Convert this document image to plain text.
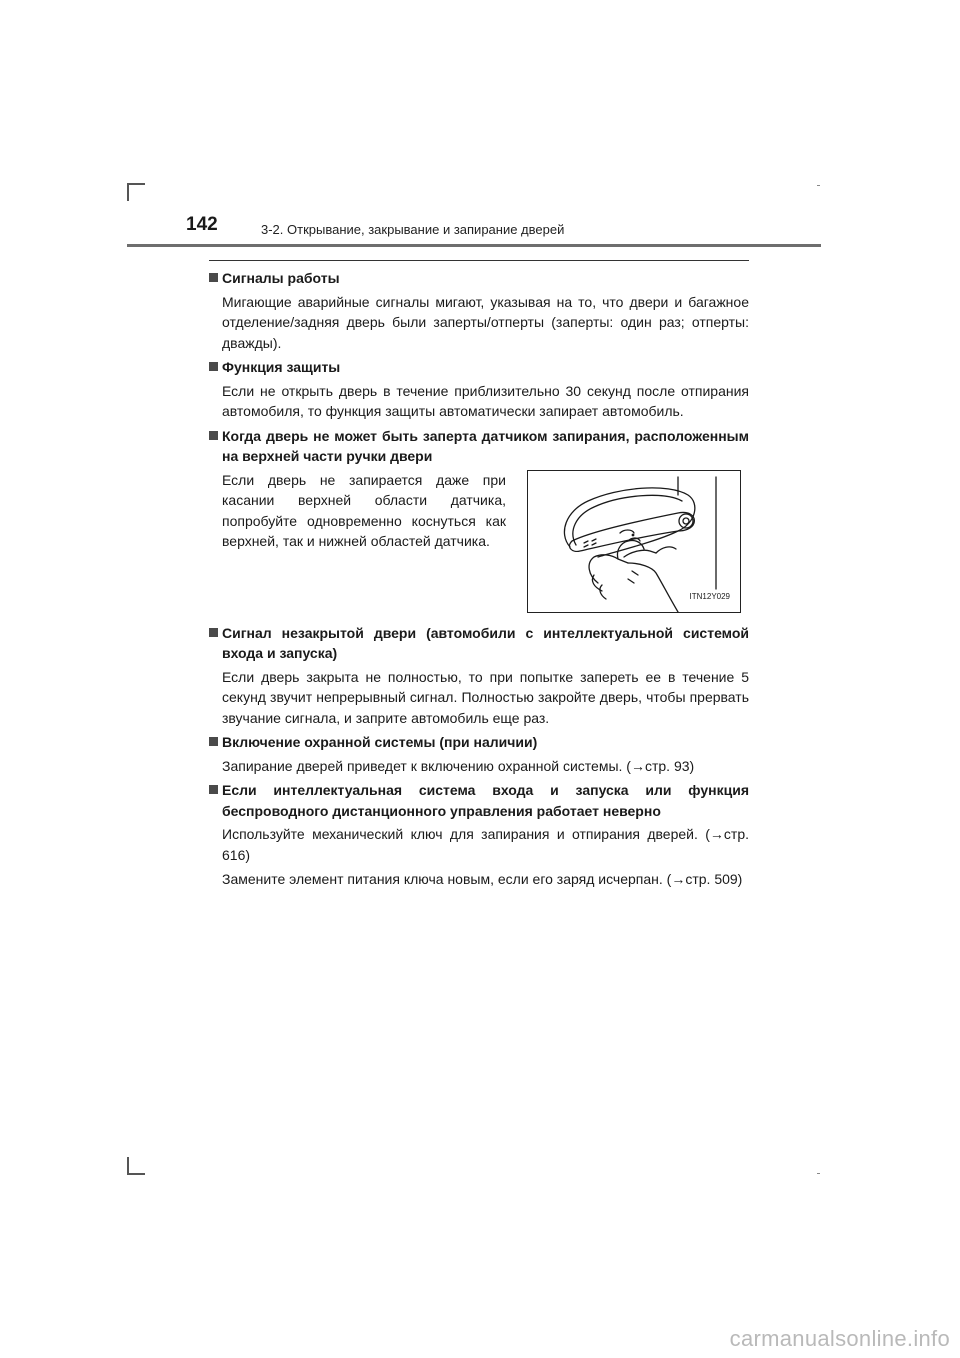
142	3-2. Открывание, закрывание и запирание дверей
Сигналы работы
Мигающие аварийные сигналы мигают, указывая на то, что двери и багажное отделение/задняя дверь были заперты/отперты (заперты: один раз; отперты: дважды).
Функция защиты
Если не открыть дверь в течение приблизительно 30 секунд после отпирания автомобиля, то функция защиты автоматически запирает автомобиль.
Когда дверь не может быть заперта датчиком запирания, расположенным на верхней части ручки двери
Если дверь не запирается даже при касании верхней области датчика, попробуйте одновременно коснуться как верхней, так и нижней областей датчика.
ITN12Y029
Сигнал незакрытой двери (автомобили с интеллектуальной системой входа и запуска)
Если дверь закрыта не полностью, то при попытке запереть ее в течение 5 секунд звучит непрерывный сигнал. Полностью закройте дверь, чтобы прервать звучание сигнала, и заприте автомобиль еще раз.
Включение охранной системы (при наличии)
Запирание дверей приведет к включению охранной системы. (→стр. 93)
Если интеллектуальная система входа и запуска или функция беспроводного дистанционного управления работает неверно
Используйте механический ключ для запирания и отпирания дверей. (→стр. 616)
Замените элемент питания ключа новым, если его заряд исчерпан. (→стр. 509)
carmanualsonline.info
